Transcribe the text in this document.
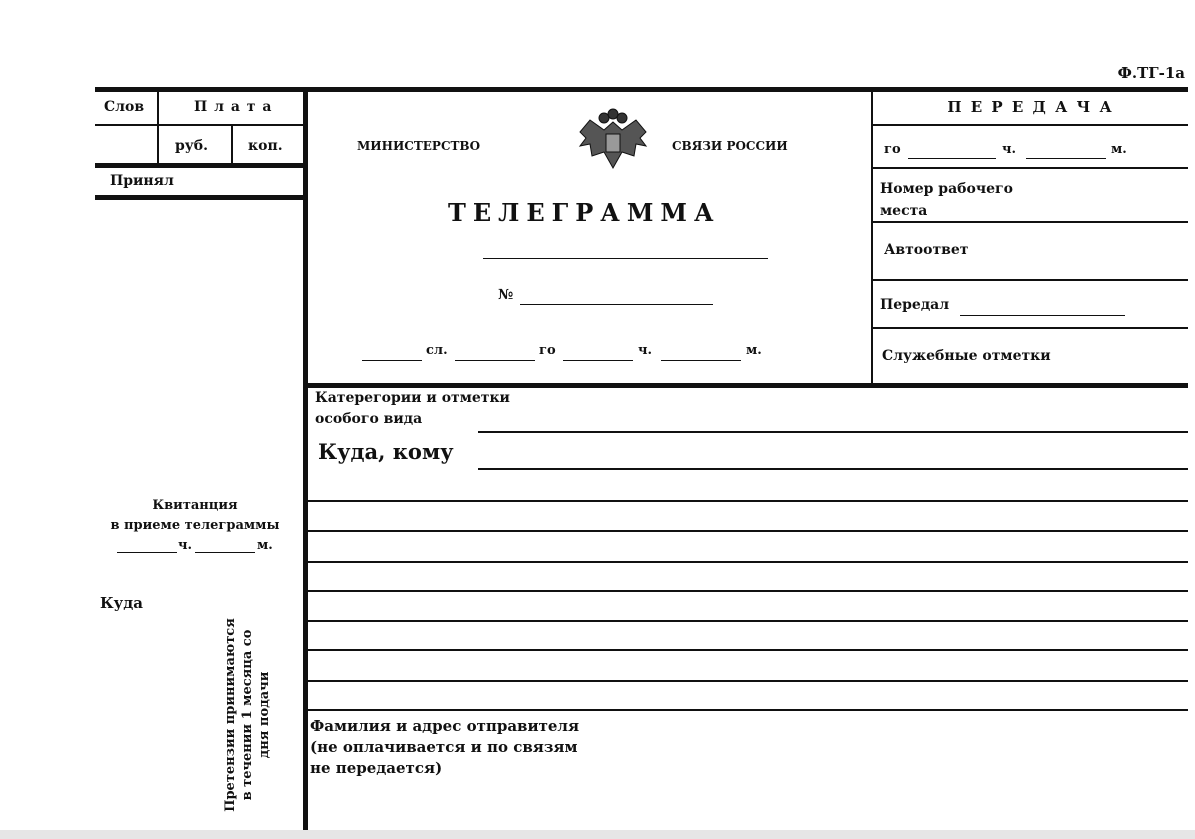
Ф.ТГ-1а
Слов	П л а т а
руб.	коп.
Принял
Квитанция
в приеме телеграммы
ч.	м.
Куда
Претензии принимаются в течении 1 месяца со дня подачи
МИНИСТЕРСТВО	СВЯЗИ РОССИИ
ТЕЛЕГРАММА
№
сл.	го	ч.	м.
П Е Р Е Д А Ч А
го	ч.	м.
Номер рабочего
места
Автоответ
Передал
Служебные отметки
Катерегории и отметки
особого вида
Куда, кому
Фамилия и адрес отправителя
(не оплачивается и по связям
не передается)
